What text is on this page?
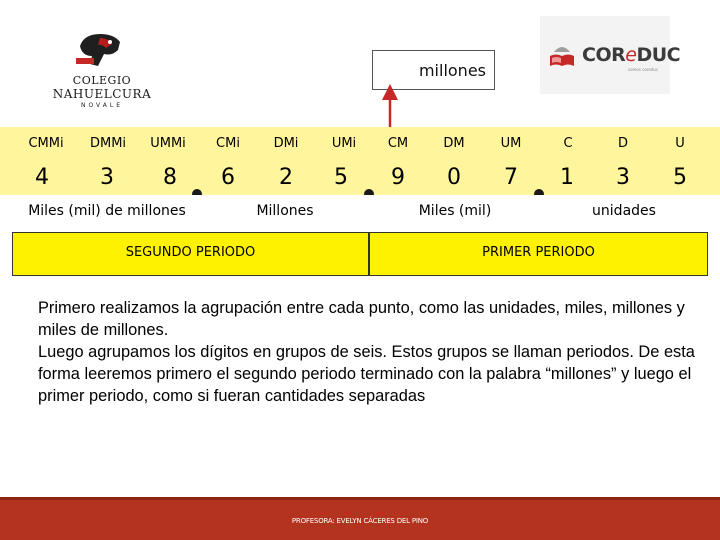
COLEGIO
NAHUELCURA
NOVALE
COReDUC
somos coreduc
millones
CMMi	DMMi	UMMi	CMi	DMi	UMi	CM	DM	UM	C	D	U
4	3	8	6	2	5	9	0	7	1	3	5
Miles (mil) de millones	Millones	Miles (mil)	unidades
SEGUNDO PERIODO	PRIMER PERIODO

Primero realizamos la agrupación entre cada punto, como las unidades, miles, millones y miles de millones.

Luego agrupamos los dígitos en grupos de seis. Estos grupos se llaman periodos. De esta forma leeremos primero el segundo periodo terminado con la palabra “millones” y luego el primer periodo, como si fueran cantidades separadas

PROFESORA: EVELYN CÁCERES DEL PINO
